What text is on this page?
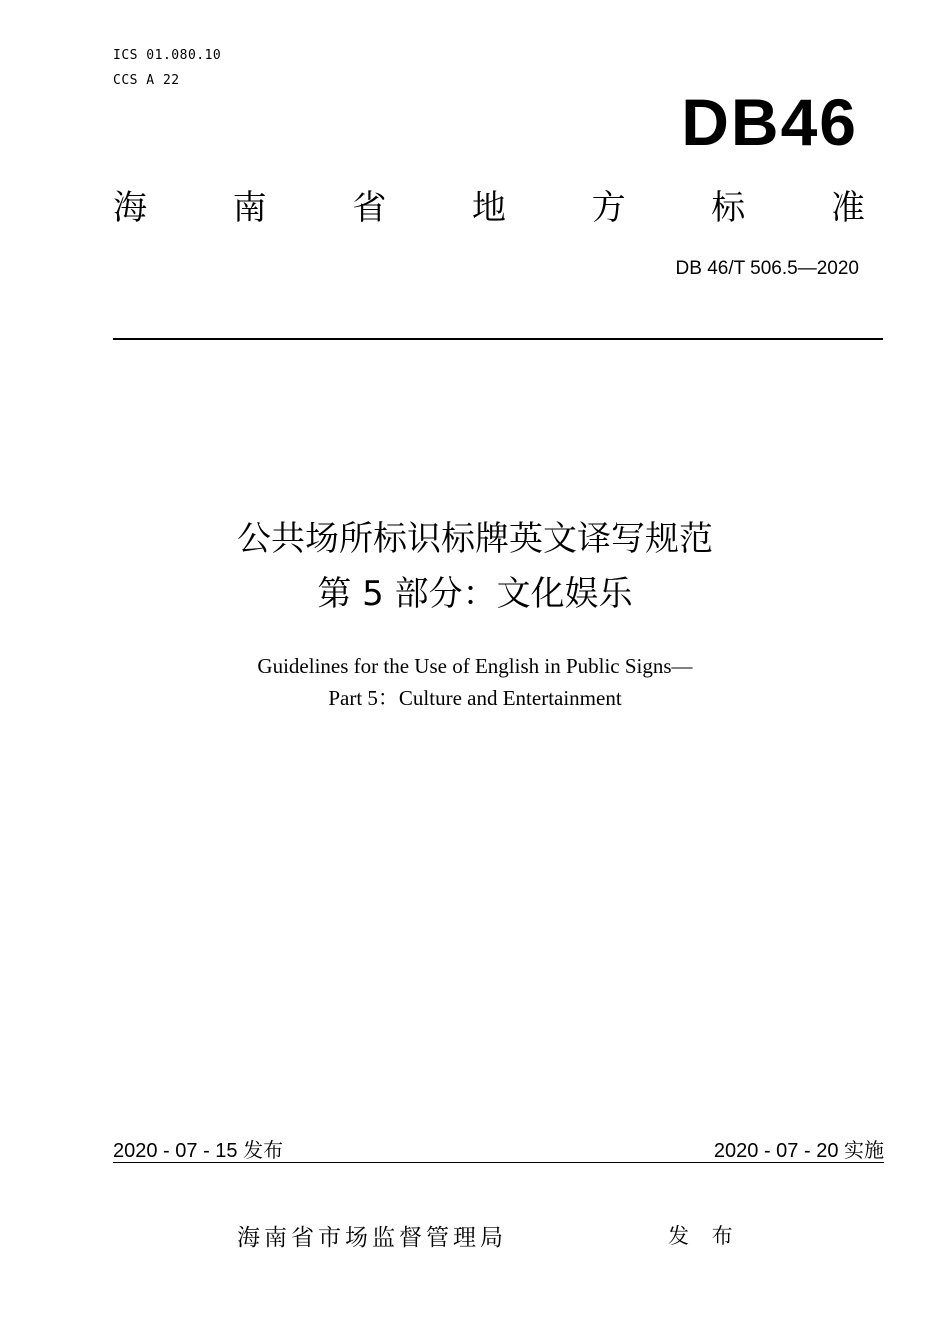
ICS 01.080.10
CCS A 22
DB46
海	南	省	地	方	标	准
DB 46/T 506.5—2020
公共场所标识标牌英文译写规范
第 5 部分：文化娱乐
Guidelines for the Use of English in Public Signs—
Part 5：Culture and Entertainment
2020 - 07 - 15 发布	2020 - 07 - 20 实施
海南省市场监督管理局	发 布
